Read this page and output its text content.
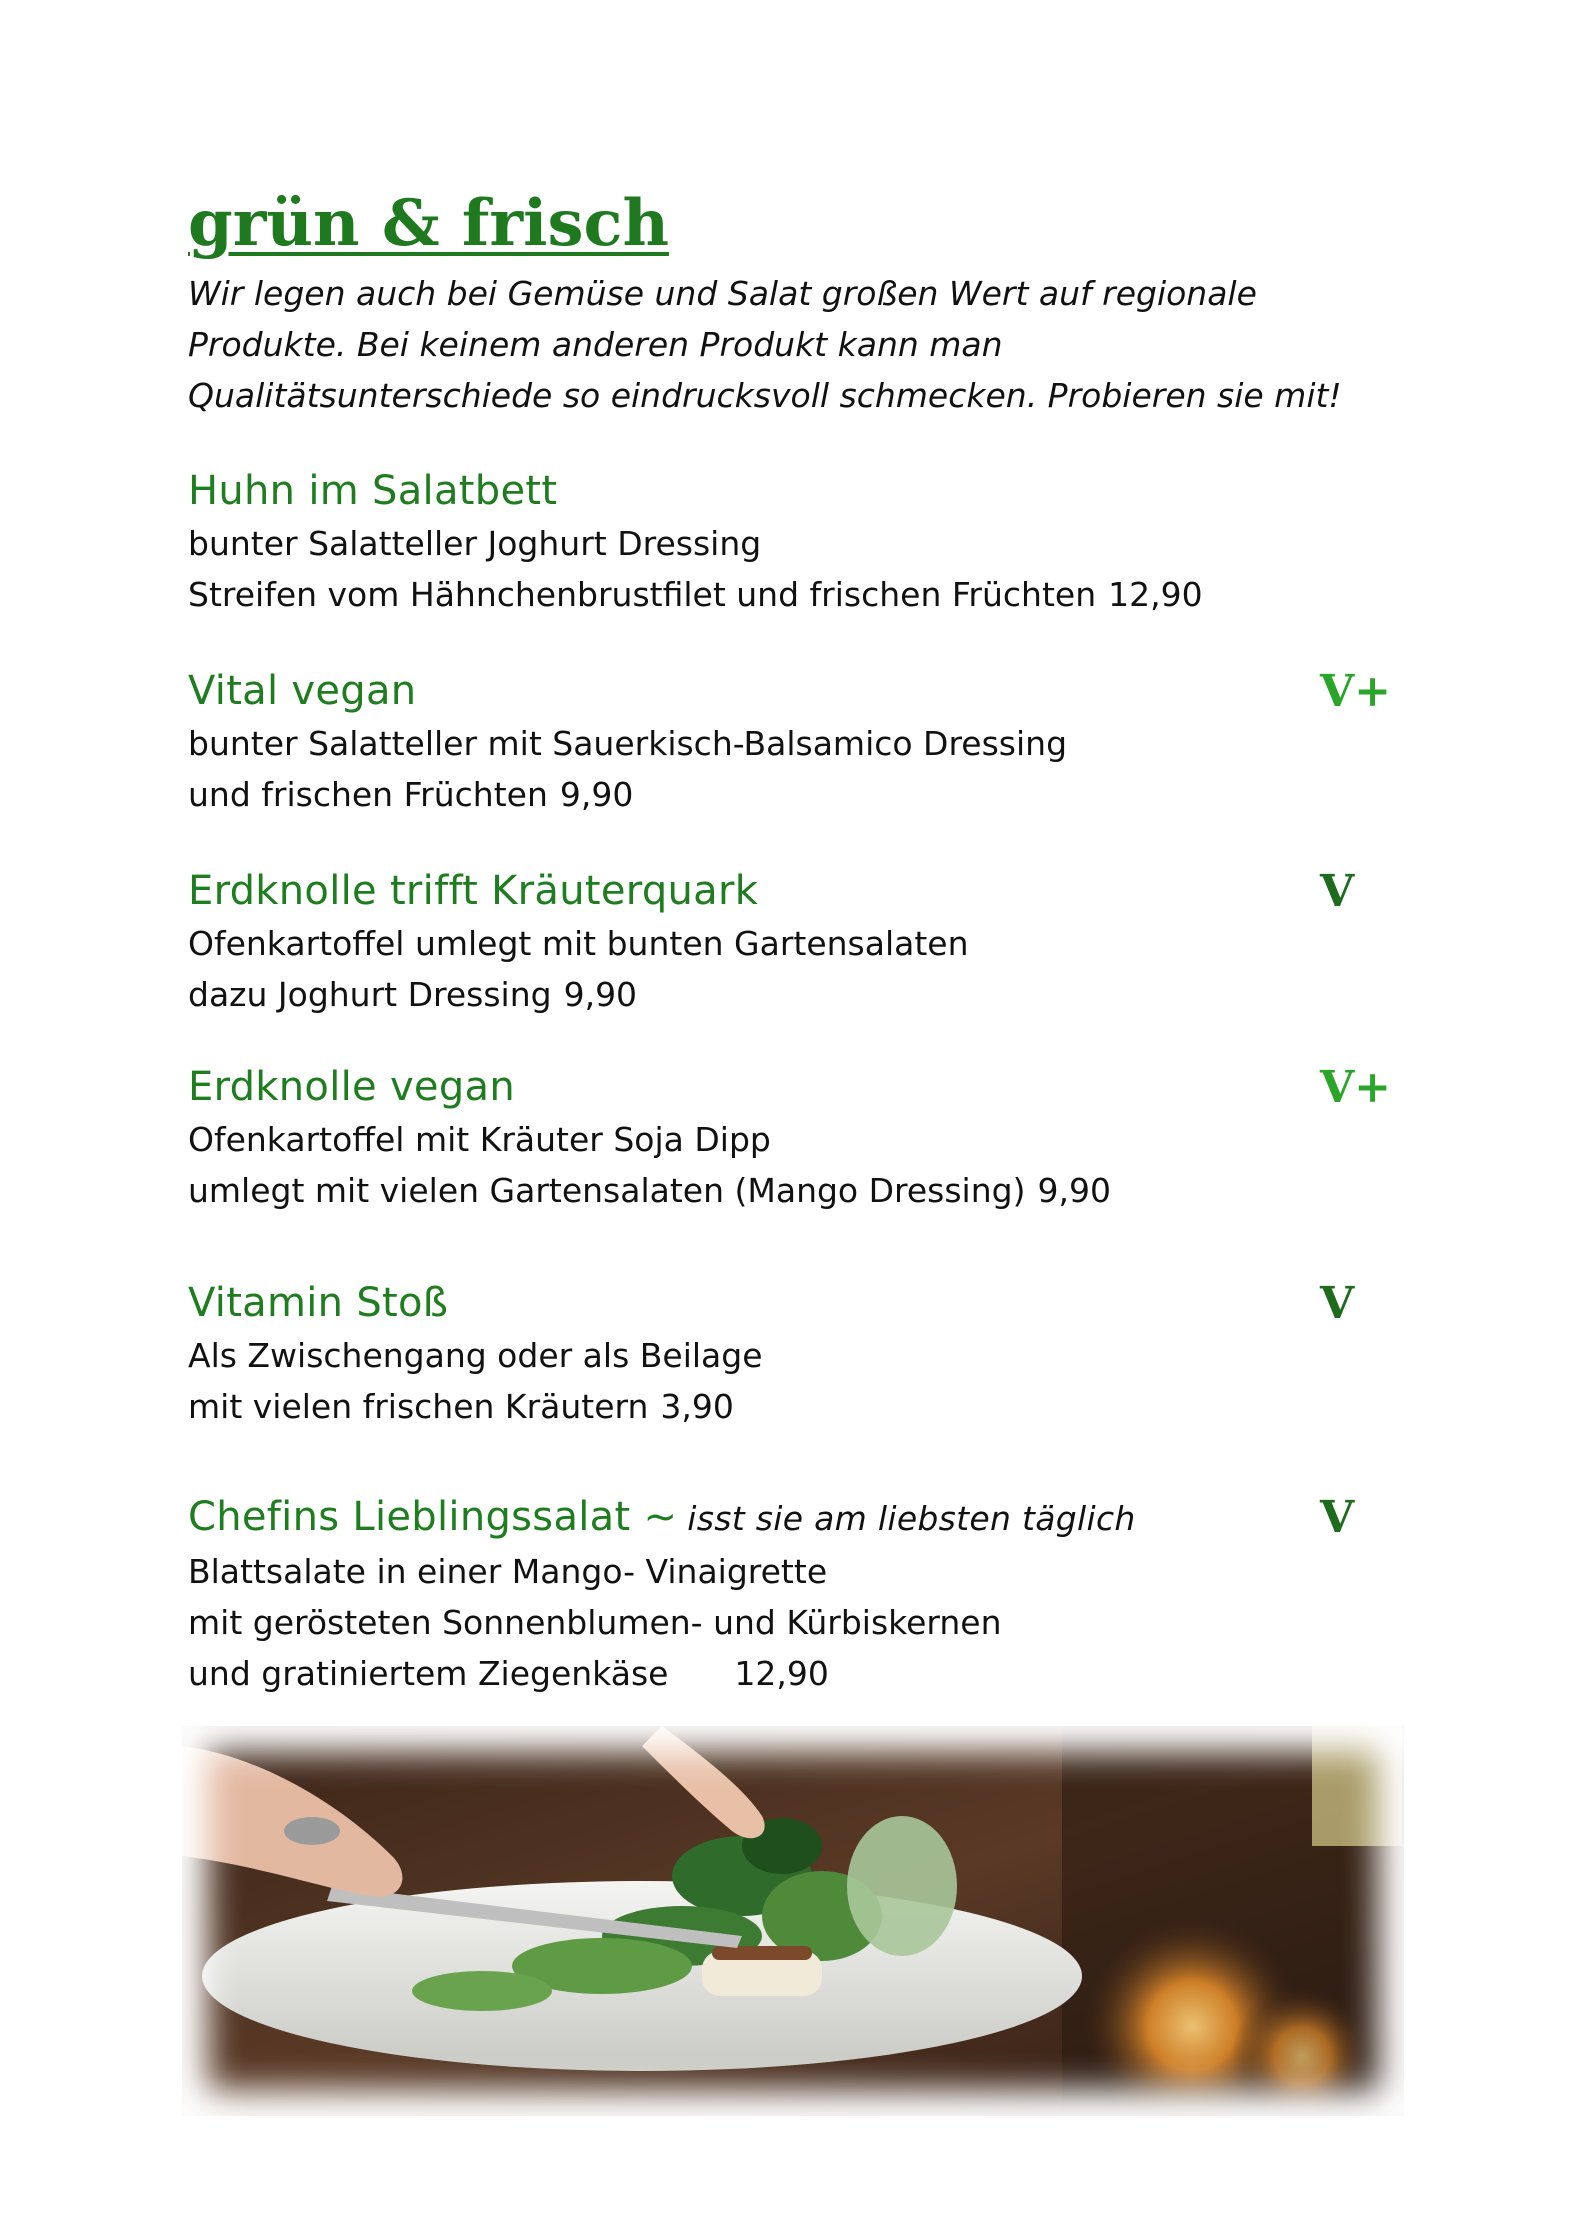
grün & frisch
Wir legen auch bei Gemüse und Salat großen Wert auf regionale
Produkte. Bei keinem anderen Produkt kann man
Qualitätsunterschiede so eindrucksvoll schmecken. Probieren sie mit!
Huhn im Salatbett
bunter Salatteller Joghurt Dressing
Streifen vom Hähnchenbrustfilet und frischen Früchten 12,90
Vital vegan
bunter Salatteller mit Sauerkisch-Balsamico Dressing
und frischen Früchten 9,90
V+
Erdknolle trifft Kräuterquark
Ofenkartoffel umlegt mit bunten Gartensalaten
dazu Joghurt Dressing 9,90
V
Erdknolle vegan
Ofenkartoffel mit Kräuter Soja Dipp
umlegt mit vielen Gartensalaten (Mango Dressing) 9,90
V+
Vitamin Stoß
Als Zwischengang oder als Beilage
mit vielen frischen Kräutern 3,90
V
Chefins Lieblingssalat ~ isst sie am liebsten täglich
Blattsalate in einer Mango- Vinaigrette
mit gerösteten Sonnenblumen- und Kürbiskernen
und gratiniertem Ziegenkäse 12,90
V
